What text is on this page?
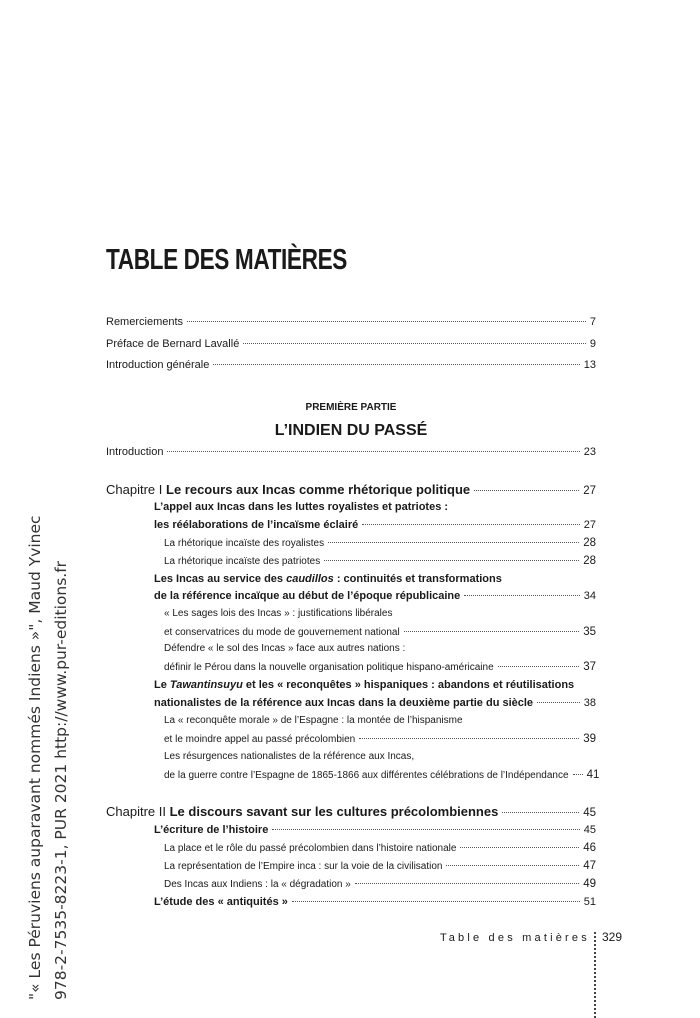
"« Les Péruviens auparavant nommés Indiens »", Maud Yvinec 978-2-7535-8223-1, PUR 2021 http://www.pur-editions.fr
TABLE DES MATIÈRES
Remerciements	7
Préface de Bernard Lavallé	9
Introduction générale	13
PREMIÈRE PARTIE
L’INDIEN DU PASSÉ
Introduction	23
Chapitre I Le recours aux Incas comme rhétorique politique	27
L’appel aux Incas dans les luttes royalistes et patriotes :
les réélaborations de l’incaïsme éclairé	27
La rhétorique incaïste des royalistes	28
La rhétorique incaïste des patriotes	28
Les Incas au service des caudillos : continuités et transformations
de la référence incaïque au début de l’époque républicaine	34
« Les sages lois des Incas » : justifications libérales
et conservatrices du mode de gouvernement national	35
Défendre « le sol des Incas » face aux autres nations :
définir le Pérou dans la nouvelle organisation politique hispano-américaine	37
Le Tawantinsuyu et les « reconquêtes » hispaniques : abandons et réutilisations
nationalistes de la référence aux Incas dans la deuxième partie du siècle	38
La « reconquête morale » de l’Espagne : la montée de l’hispanisme
et le moindre appel au passé précolombien	39
Les résurgences nationalistes de la référence aux Incas,
de la guerre contre l’Espagne de 1865-1866 aux différentes célébrations de l’Indépendance 41
Chapitre II Le discours savant sur les cultures précolombiennes	45
L’écriture de l’histoire	45
La place et le rôle du passé précolombien dans l’histoire nationale	46
La représentation de l’Empire inca : sur la voie de la civilisation	47
Des Incas aux Indiens : la « dégradation »	49
L’étude des « antiquités »	51
Table des matières 329
